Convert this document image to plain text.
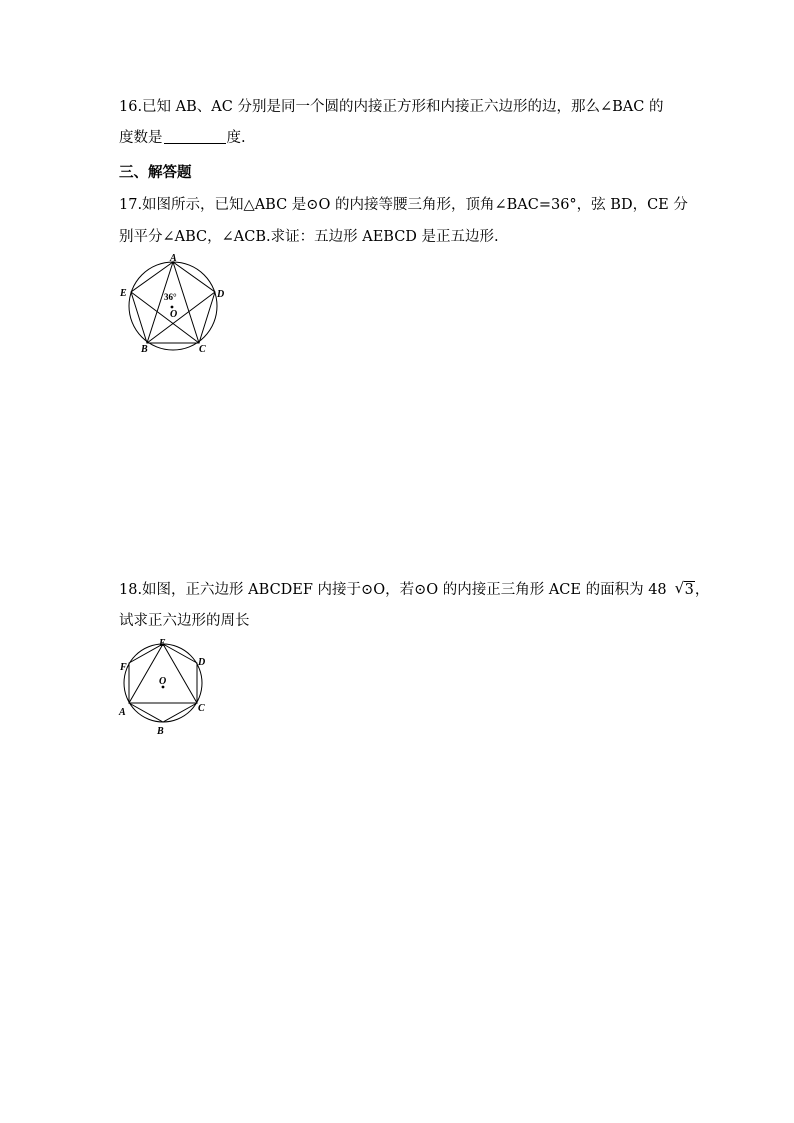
16.已知 AB、AC 分别是同一个圆的内接正方形和内接正六边形的边，那么∠BAC 的
度数是	度.
三、解答题
17.如图所示，已知△ABC 是⊙O 的内接等腰三角形，顶角∠BAC=36°，弦 BD，CE 分
别平分∠ABC，∠ACB.求证：五边形 AEBCD 是正五边形.
A
E	D
B	C
O
36°
18.如图，正六边形 ABCDEF 内接于⊙O，若⊙O 的内接正三角形 ACE 的面积为 48 √ 3，
试求正六边形的周长
E
F	D
A	C
B
O
